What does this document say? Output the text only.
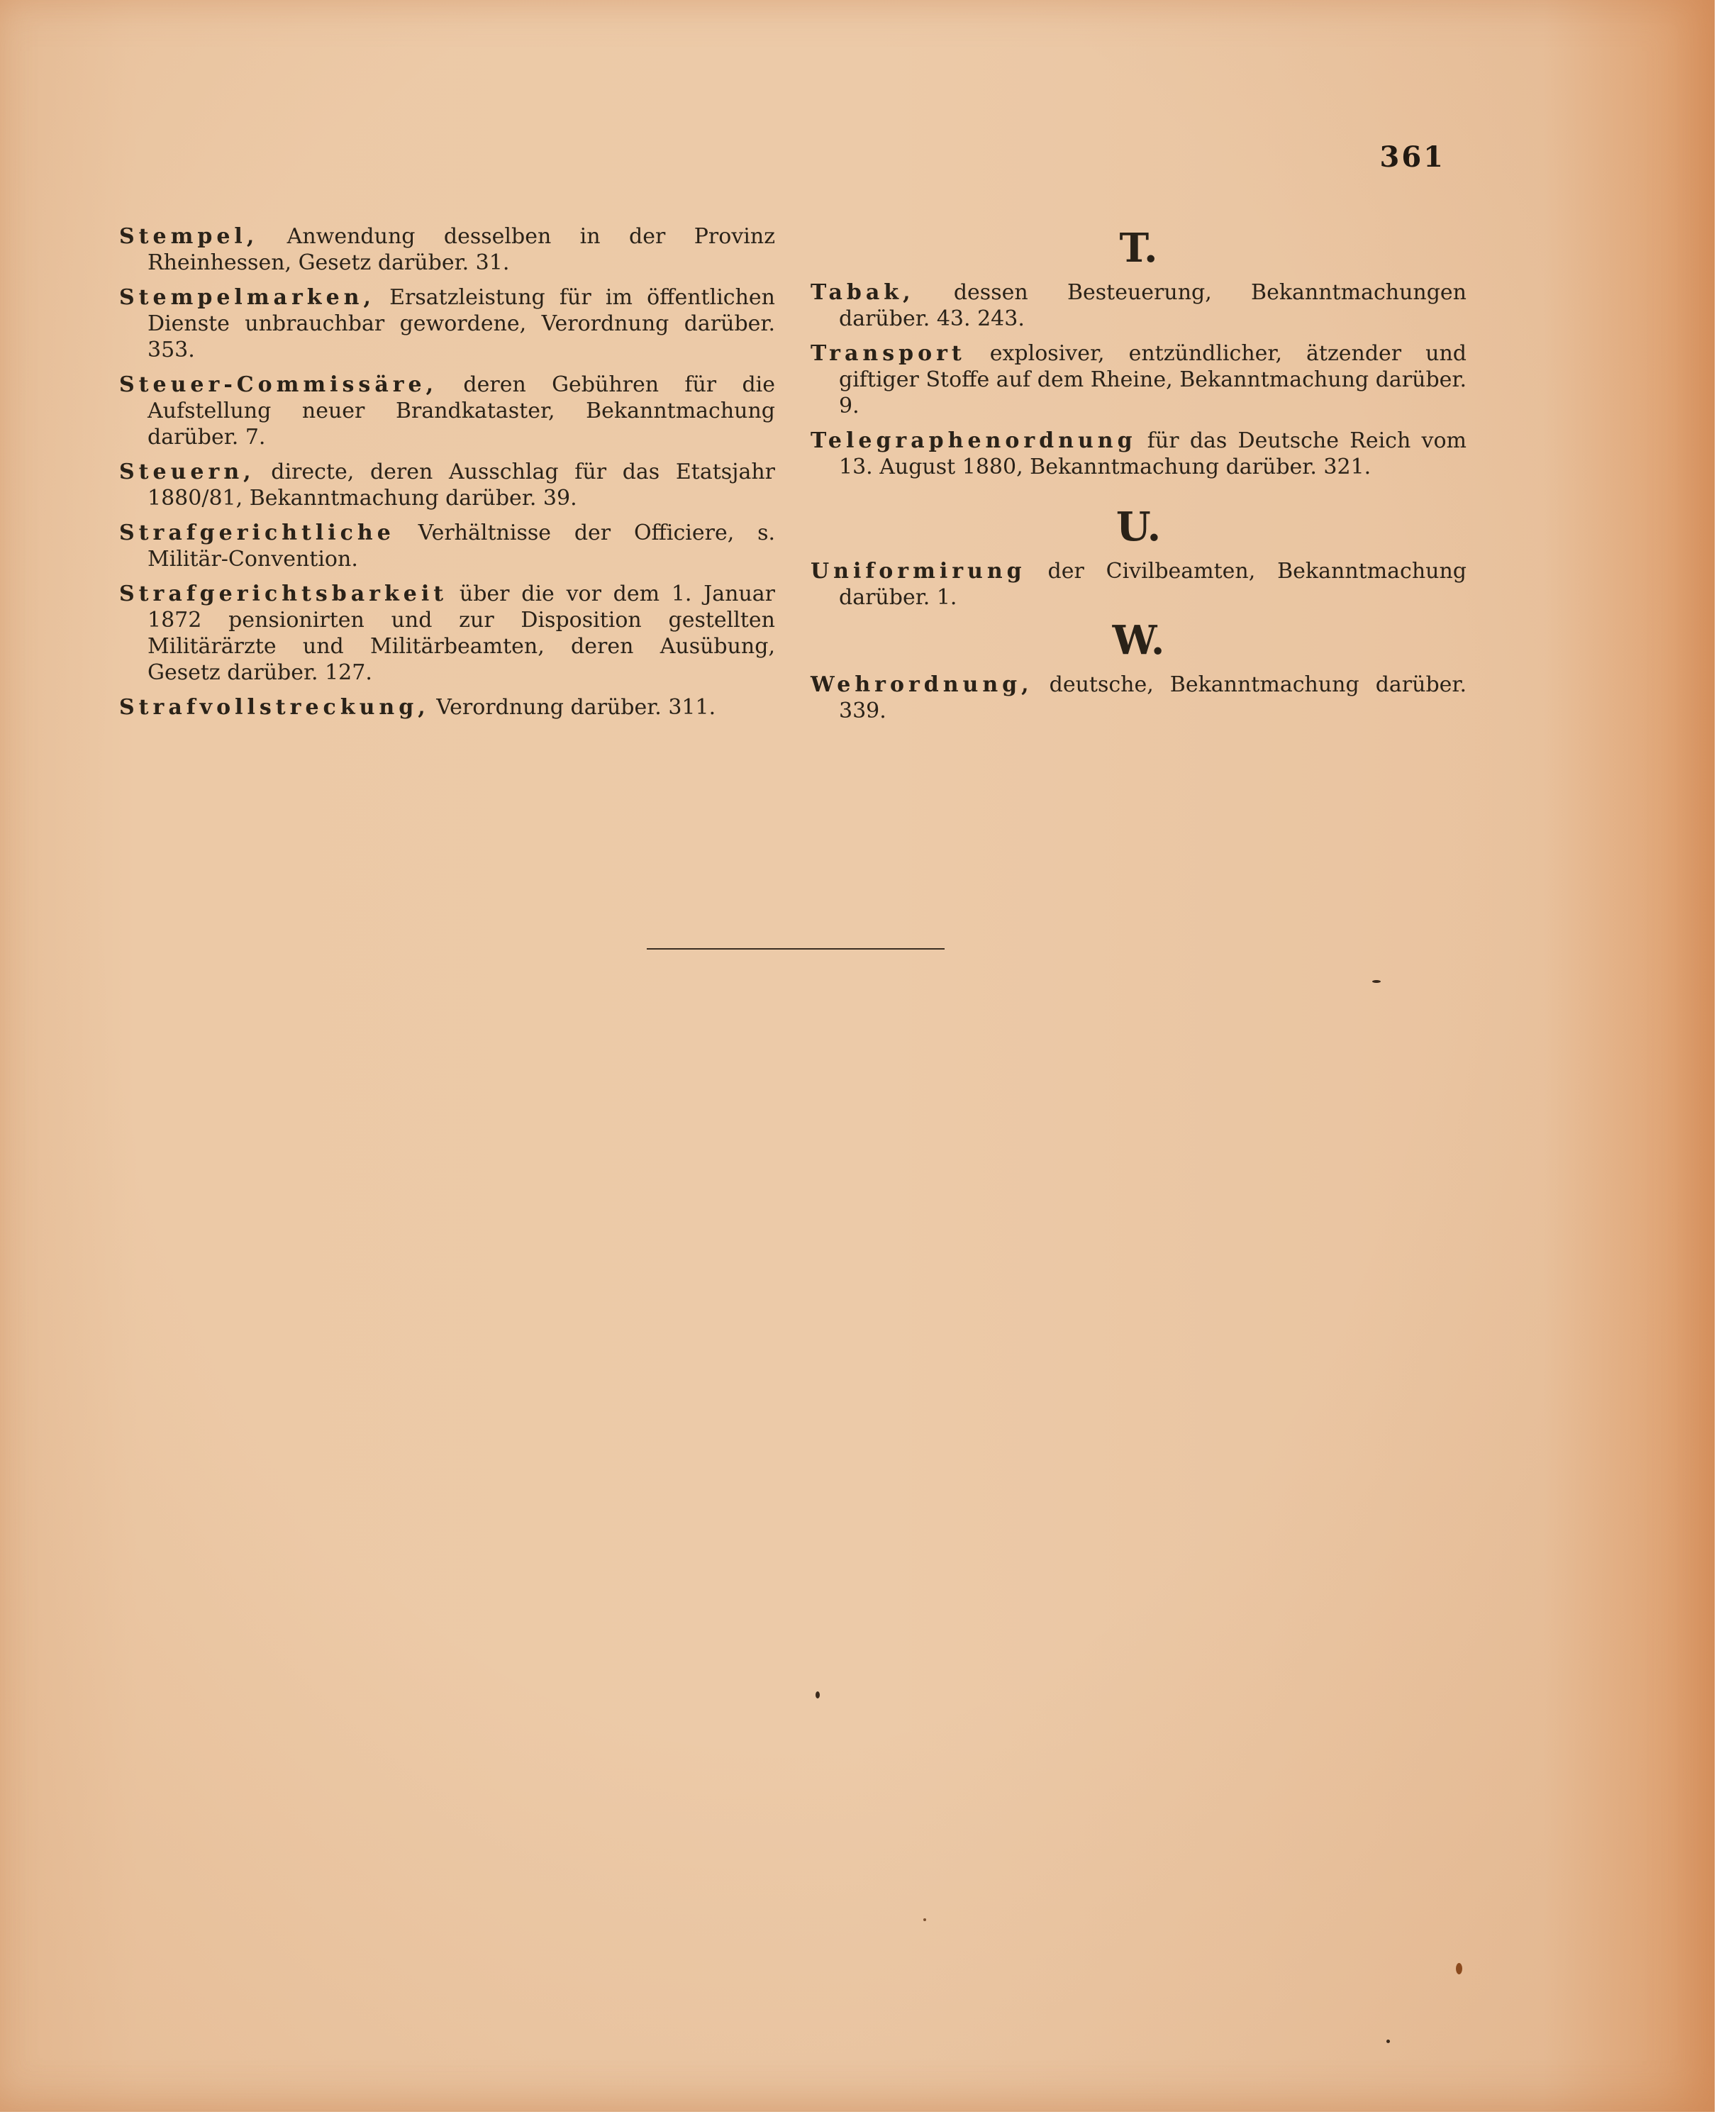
361

Stempel, Anwendung desselben in der Provinz Rheinhessen, Gesetz darüber. 31.

Stempelmarken, Ersatzleistung für im öffentlichen Dienste unbrauchbar gewordene, Verordnung darüber. 353.

Steuer-Commissäre, deren Gebühren für die Aufstellung neuer Brandkataster, Bekanntmachung darüber. 7.

Steuern, directe, deren Ausschlag für das Etatsjahr 1880/81, Bekanntmachung darüber. 39.

Strafgerichtliche Verhältnisse der Officiere, s. Militär-Convention.

Strafgerichtsbarkeit über die vor dem 1. Januar 1872 pensionirten und zur Disposition gestellten Militärärzte und Militärbeamten, deren Ausübung, Gesetz darüber. 127.

Strafvollstreckung, Verordnung darüber. 311.

T.

Tabak, dessen Besteuerung, Bekanntmachungen darüber. 43. 243.

Transport explosiver, entzündlicher, ätzender und giftiger Stoffe auf dem Rheine, Bekanntmachung darüber. 9.

Telegraphenordnung für das Deutsche Reich vom 13. August 1880, Bekanntmachung darüber. 321.

U.

Uniformirung der Civilbeamten, Bekanntmachung darüber. 1.

W.

Wehrordnung, deutsche, Bekanntmachung darüber. 339.
